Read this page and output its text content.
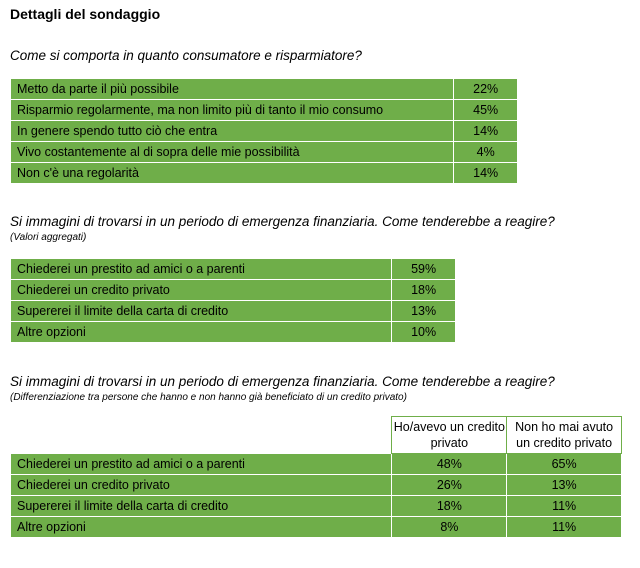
Dettagli del sondaggio
Come si comporta in quanto consumatore e risparmiatore?
Metto da parte il più possibile	22%
Risparmio regolarmente, ma non limito più di tanto il mio consumo	45%
In genere spendo tutto ciò che entra	14%
Vivo costantemente al di sopra delle mie possibilità	4%
Non c'è una regolarità	14%
Si immagini di trovarsi in un periodo di emergenza finanziaria. Come tenderebbe a reagire?
(Valori aggregati)
Chiederei un prestito ad amici o a parenti	59%
Chiederei un credito privato	18%
Supererei il limite della carta di credito	13%
Altre opzioni	10%
Si immagini di trovarsi in un periodo di emergenza finanziaria. Come tenderebbe a reagire?
(Differenziazione tra persone che hanno e non hanno già beneficiato di un credito privato)
	Ho/avevo un credito privato	Non ho mai avuto un credito privato
Chiederei un prestito ad amici o a parenti	48%	65%
Chiederei un credito privato	26%	13%
Supererei il limite della carta di credito	18%	11%
Altre opzioni	8%	11%
